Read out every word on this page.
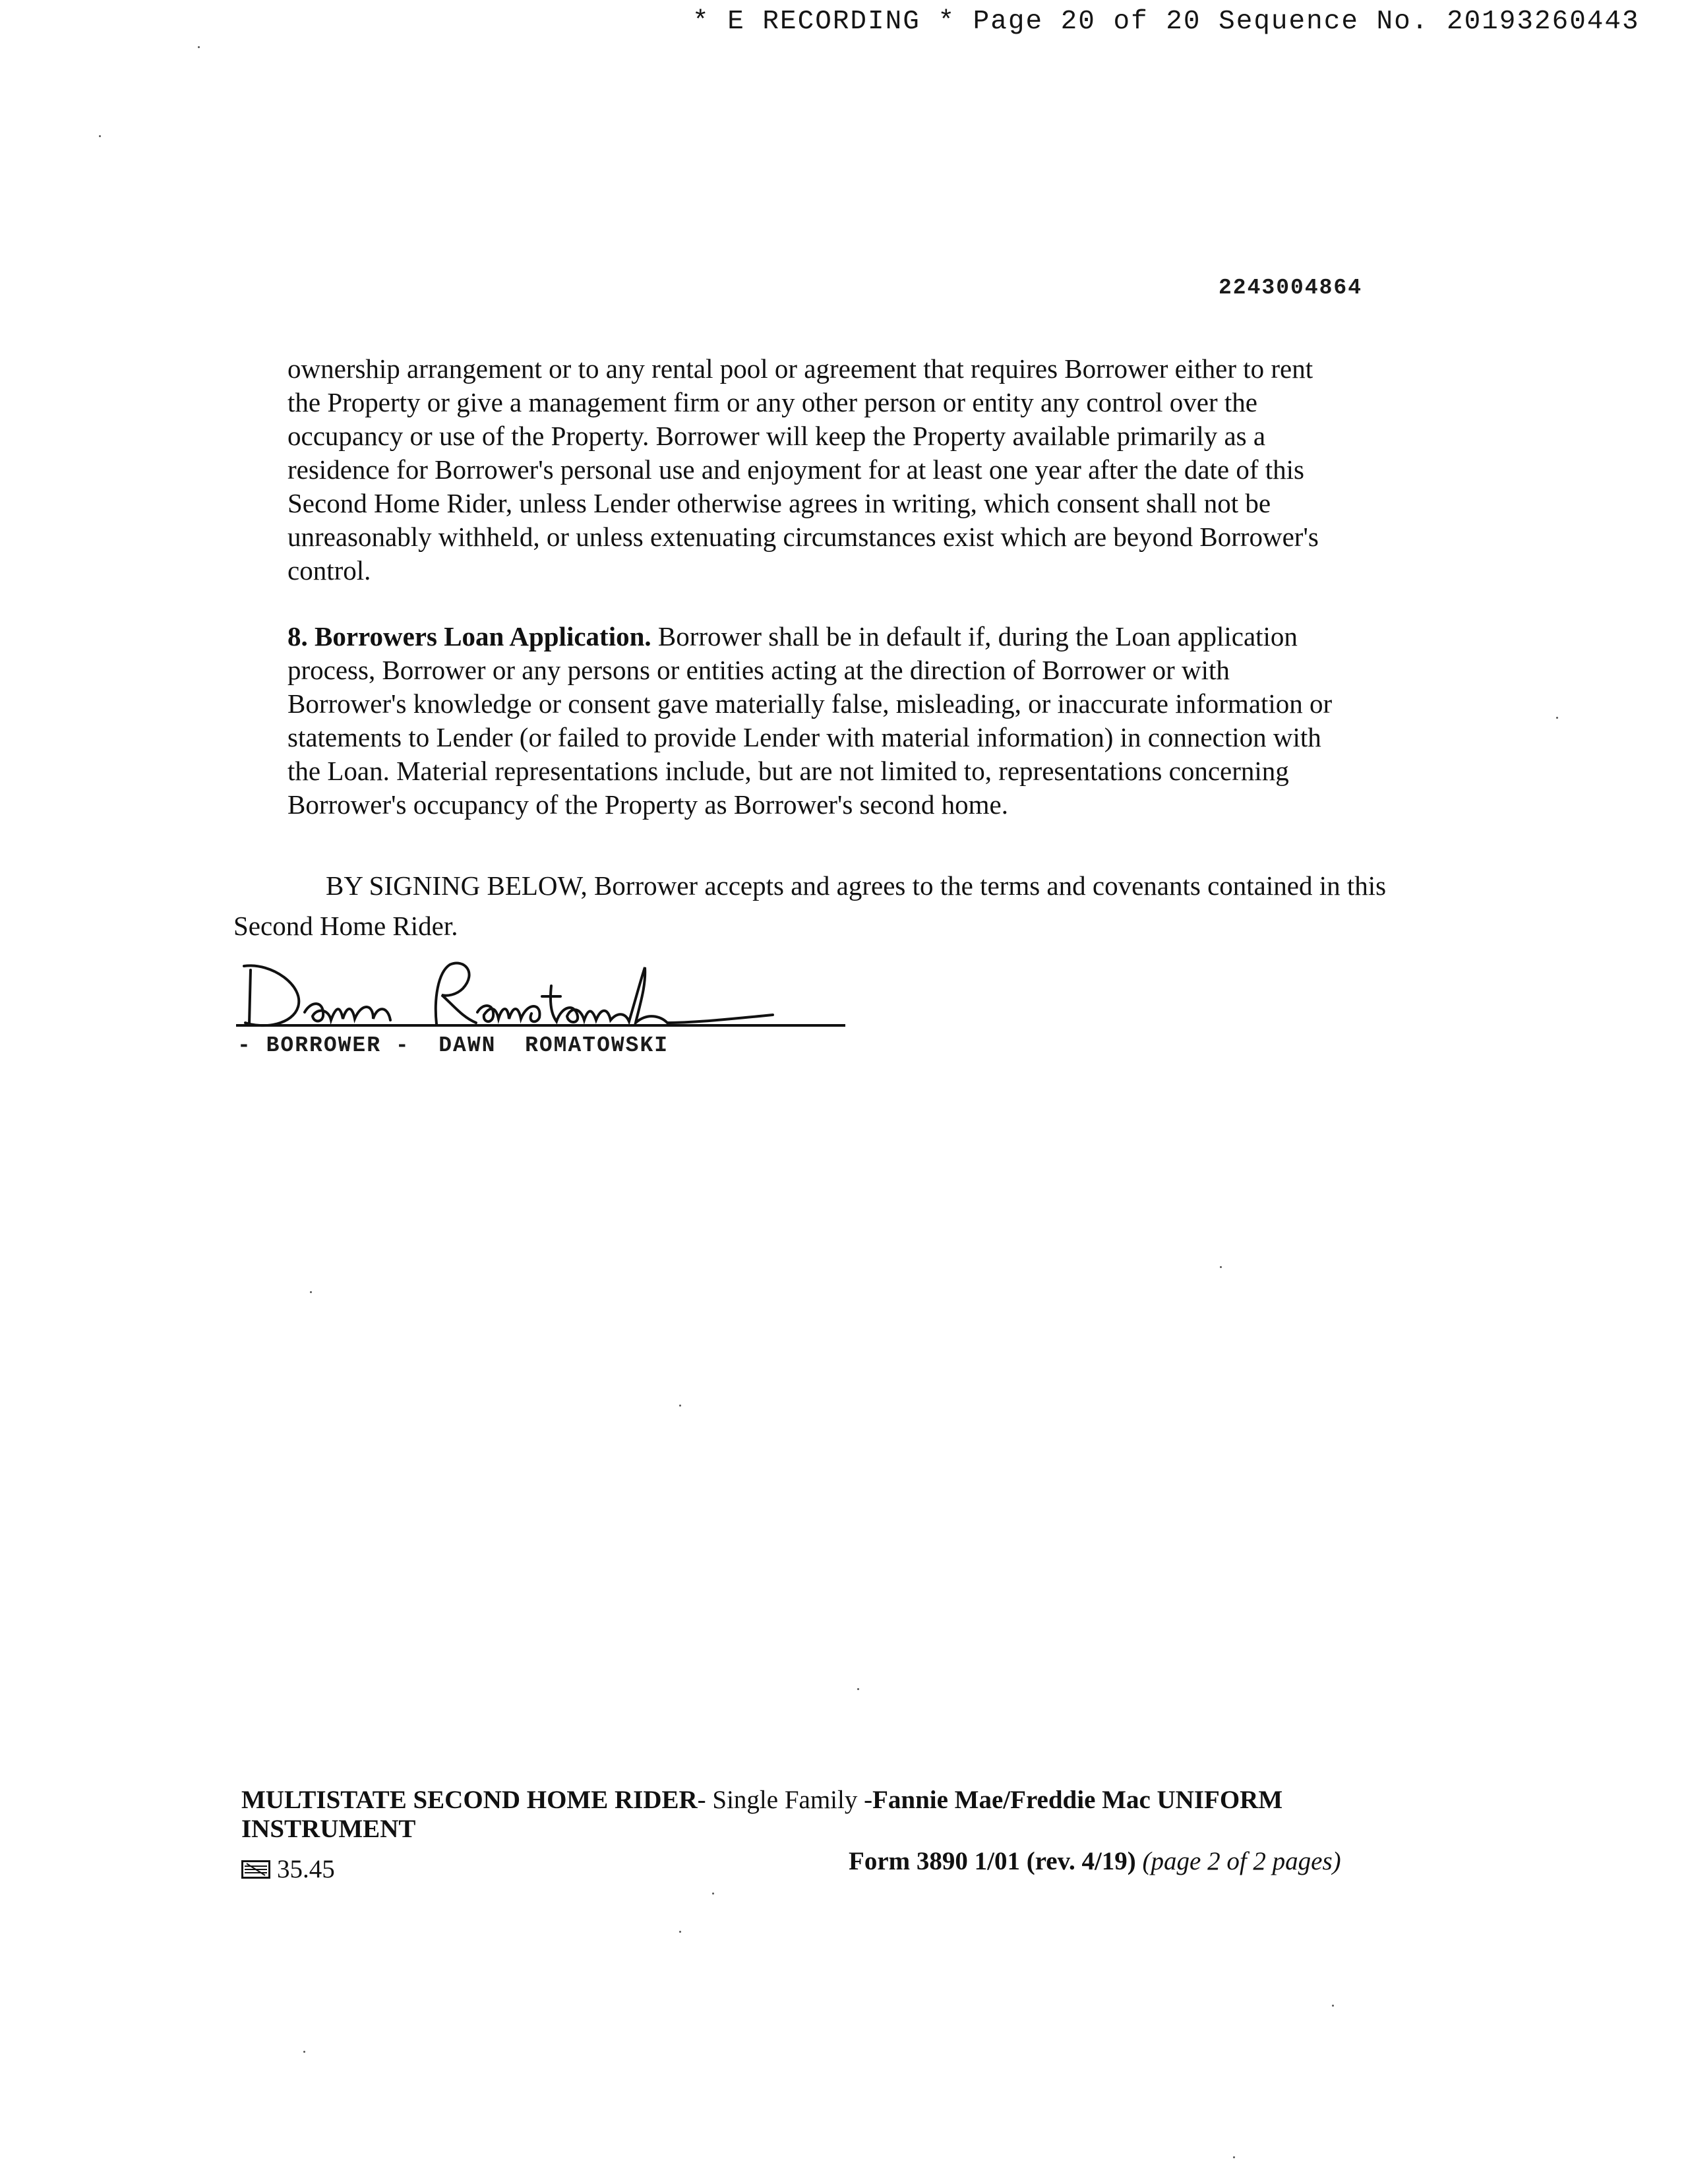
* E RECORDING * Page 20 of 20 Sequence No. 20193260443
2243004864

ownership arrangement or to any rental pool or agreement that requires Borrower either to rent the Property or give a management firm or any other person or entity any control over the occupancy or use of the Property. Borrower will keep the Property available primarily as a residence for Borrower's personal use and enjoyment for at least one year after the date of this Second Home Rider, unless Lender otherwise agrees in writing, which consent shall not be unreasonably withheld, or unless extenuating circumstances exist which are beyond Borrower's control.

8. Borrowers Loan Application. Borrower shall be in default if, during the Loan application process, Borrower or any persons or entities acting at the direction of Borrower or with Borrower's knowledge or consent gave materially false, misleading, or inaccurate information or statements to Lender (or failed to provide Lender with material information) in connection with the Loan. Material representations include, but are not limited to, representations concerning Borrower's occupancy of the Property as Borrower's second home.

BY SIGNING BELOW, Borrower accepts and agrees to the terms and covenants contained in this Second Home Rider.

- BORROWER -  DAWN  ROMATOWSKI
MULTISTATE SECOND HOME RIDER- Single Family -Fannie Mae/Freddie Mac UNIFORM INSTRUMENT
35.45	Form 3890 1/01 (rev. 4/19) (page 2 of 2 pages)
